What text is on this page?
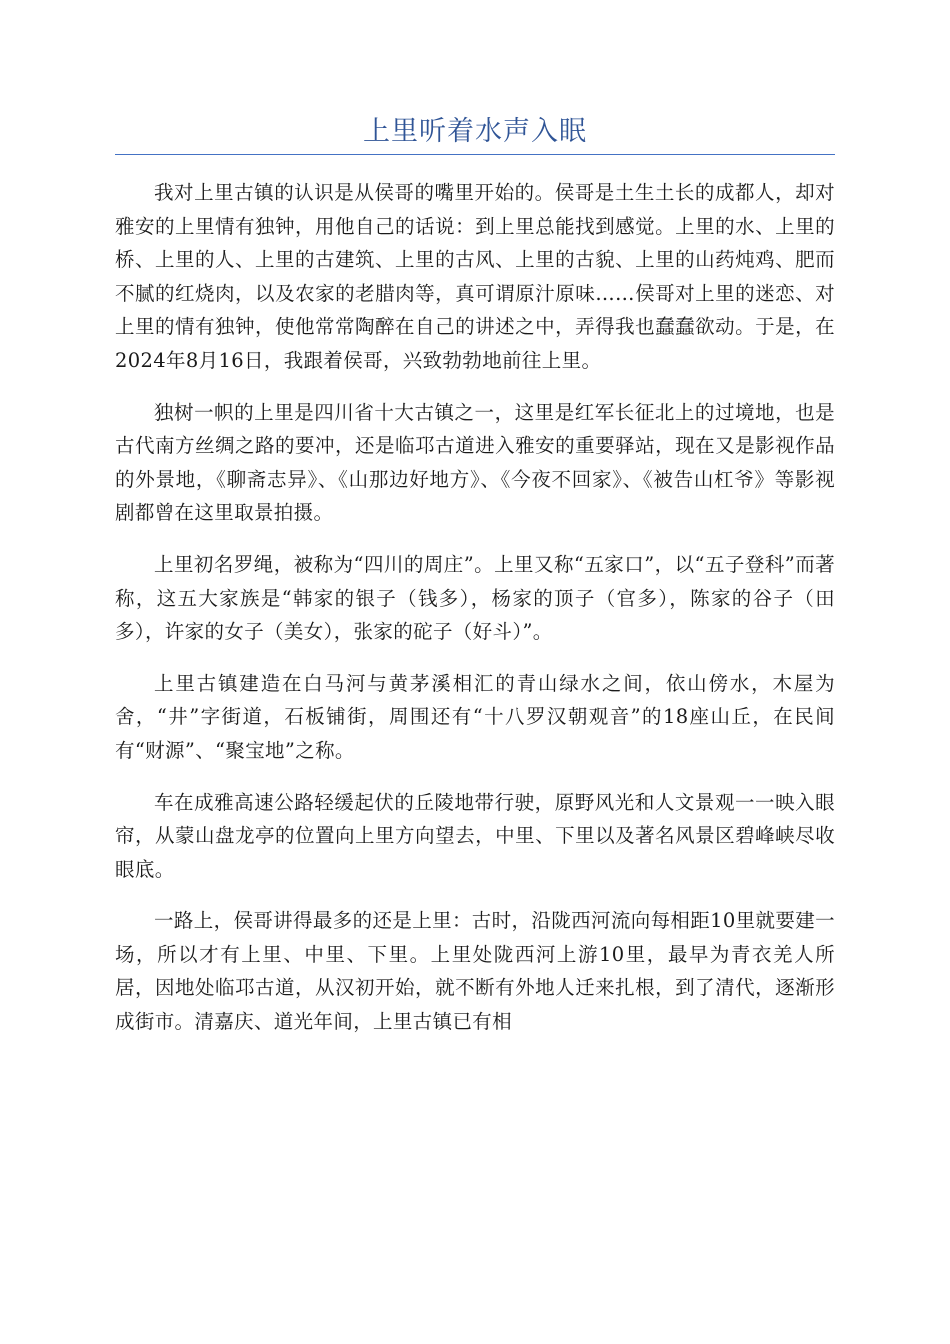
上里听着水声入眠

我对上里古镇的认识是从侯哥的嘴里开始的。侯哥是土生土长的成都人，却对雅安的上里情有独钟，用他自己的话说：到上里总能找到感觉。上里的水、上里的桥、上里的人、上里的古建筑、上里的古风、上里的古貌、上里的山药炖鸡、肥而不腻的红烧肉，以及农家的老腊肉等，真可谓原汁原味……侯哥对上里的迷恋、对上里的情有独钟，使他常常陶醉在自己的讲述之中，弄得我也蠢蠢欲动。于是，在2024年8月16日，我跟着侯哥，兴致勃勃地前往上里。

独树一帜的上里是四川省十大古镇之一，这里是红军长征北上的过境地，也是古代南方丝绸之路的要冲，还是临邛古道进入雅安的重要驿站，现在又是影视作品的外景地，《聊斋志异》、《山那边好地方》、《今夜不回家》、《被告山杠爷》等影视剧都曾在这里取景拍摄。

上里初名罗绳，被称为“四川的周庄”。上里又称“五家口”，以“五子登科”而著称，这五大家族是“韩家的银子（钱多），杨家的顶子（官多），陈家的谷子（田多），许家的女子（美女），张家的砣子（好斗）”。

上里古镇建造在白马河与黄茅溪相汇的青山绿水之间，依山傍水，木屋为舍，“井”字街道，石板铺街，周围还有“十八罗汉朝观音”的18座山丘，在民间有“财源”、“聚宝地”之称。

车在成雅高速公路轻缓起伏的丘陵地带行驶，原野风光和人文景观一一映入眼帘，从蒙山盘龙亭的位置向上里方向望去，中里、下里以及著名风景区碧峰峡尽收眼底。

一路上，侯哥讲得最多的还是上里：古时，沿陇西河流向每相距10里就要建一场，所以才有上里、中里、下里。上里处陇西河上游10里，最早为青衣羌人所居，因地处临邛古道，从汉初开始，就不断有外地人迁来扎根，到了清代，逐渐形成街市。清嘉庆、道光年间，上里古镇已有相
